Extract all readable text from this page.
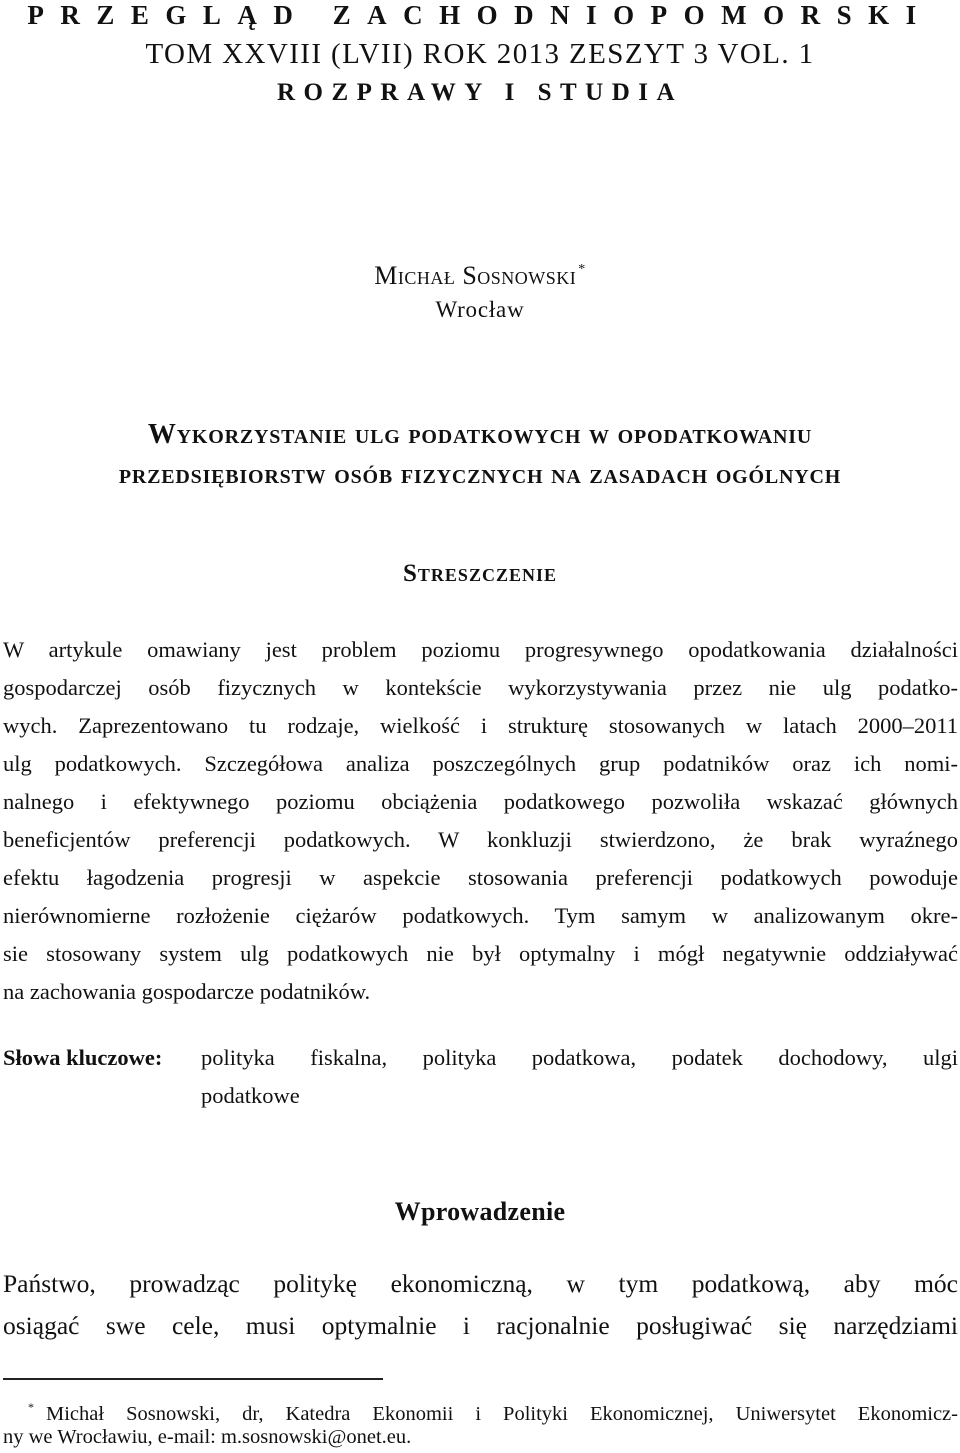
PRZEGLĄD ZACHODNIOPOMORSKI
TOM XXVIII (LVII) ROK 2013 ZESZYT 3 VOL. 1
ROZPRAWY I STUDIA
Michał Sosnowski *
Wrocław
Wykorzystanie ulg podatkowych w opodatkowaniu
przedsiębiorstw osób fizycznych na zasadach ogólnych
Streszczenie
W artykule omawiany jest problem poziomu progresywnego opodatkowania działalności
gospodarczej osób fizycznych w kontekście wykorzystywania przez nie ulg podatko-
wych. Zaprezentowano tu rodzaje, wielkość i strukturę stosowanych w latach 2000–2011
ulg podatkowych. Szczegółowa analiza poszczególnych grup podatników oraz ich nomi-
nalnego i efektywnego poziomu obciążenia podatkowego pozwoliła wskazać głównych
beneficjentów preferencji podatkowych. W konkluzji stwierdzono, że brak wyraźnego
efektu łagodzenia progresji w aspekcie stosowania preferencji podatkowych powoduje
nierównomierne rozłożenie ciężarów podatkowych. Tym samym w analizowanym okre-
sie stosowany system ulg podatkowych nie był optymalny i mógł negatywnie oddziaływać
na zachowania gospodarcze podatników.
Słowa kluczowe: polityka fiskalna, polityka podatkowa, podatek dochodowy, ulgi
podatkowe
Wprowadzenie
Państwo, prowadząc politykę ekonomiczną, w tym podatkową, aby móc
osiągać swe cele, musi optymalnie i racjonalnie posługiwać się narzędziami
* Michał Sosnowski, dr, Katedra Ekonomii i Polityki Ekonomicznej, Uniwersytet Ekonomicz-
ny we Wrocławiu, e-mail: m.sosnowski@onet.eu.
